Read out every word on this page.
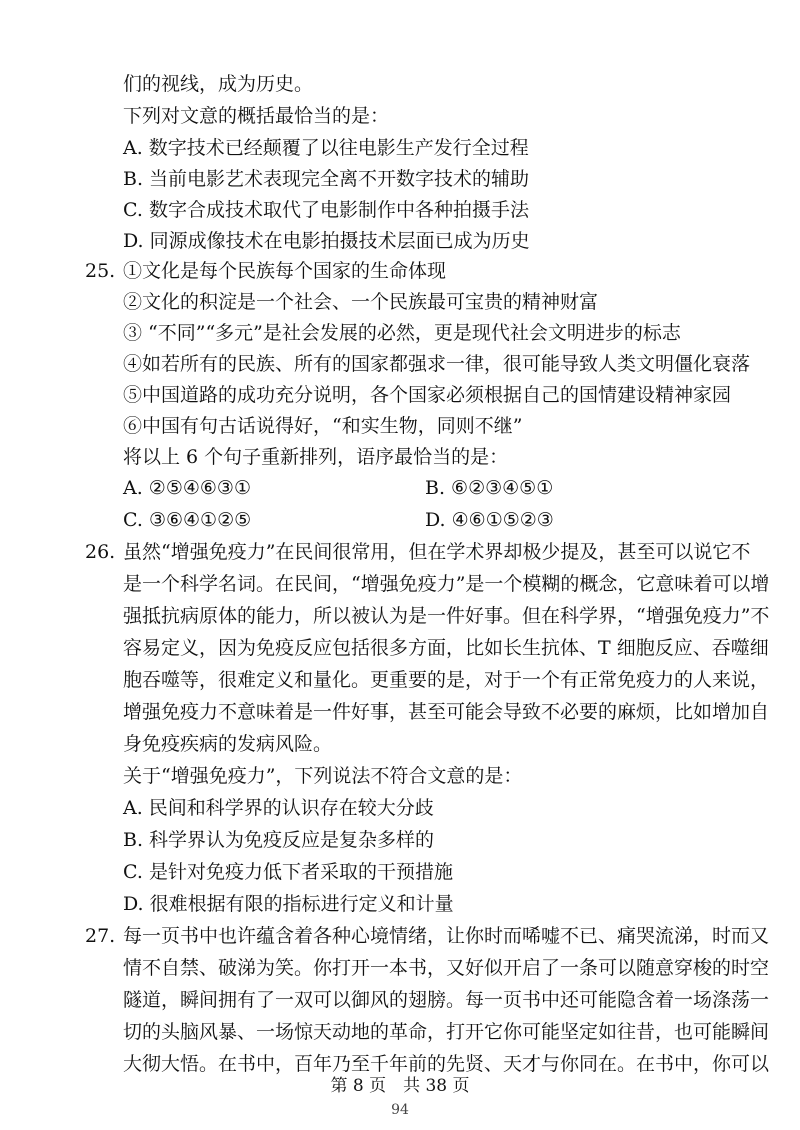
们的视线，成为历史。
下列对文意的概括最恰当的是：
A. 数字技术已经颠覆了以往电影生产发行全过程
B. 当前电影艺术表现完全离不开数字技术的辅助
C. 数字合成技术取代了电影制作中各种拍摄手法
D. 同源成像技术在电影拍摄技术层面已成为历史
25. ①文化是每个民族每个国家的生命体现
②文化的积淀是一个社会、一个民族最可宝贵的精神财富
③ “不同”“多元”是社会发展的必然，更是现代社会文明进步的标志
④如若所有的民族、所有的国家都强求一律，很可能导致人类文明僵化衰落
⑤中国道路的成功充分说明，各个国家必须根据自己的国情建设精神家园
⑥中国有句古话说得好，“和实生物，同则不继”
将以上 6 个句子重新排列，语序最恰当的是：
A. ②⑤④⑥③①	B. ⑥②③④⑤①
C. ③⑥④①②⑤	D. ④⑥①⑤②③
26. 虽然“增强免疫力”在民间很常用，但在学术界却极少提及，甚至可以说它不
是一个科学名词。在民间，“增强免疫力”是一个模糊的概念，它意味着可以增
强抵抗病原体的能力，所以被认为是一件好事。但在科学界，“增强免疫力”不
容易定义，因为免疫反应包括很多方面，比如长生抗体、T 细胞反应、吞噬细
胞吞噬等，很难定义和量化。更重要的是，对于一个有正常免疫力的人来说，
增强免疫力不意味着是一件好事，甚至可能会导致不必要的麻烦，比如增加自
身免疫疾病的发病风险。
关于“增强免疫力”，下列说法不符合文意的是：
A. 民间和科学界的认识存在较大分歧
B. 科学界认为免疫反应是复杂多样的
C. 是针对免疫力低下者采取的干预措施
D. 很难根据有限的指标进行定义和计量
27. 每一页书中也许蕴含着各种心境情绪，让你时而唏嘘不已、痛哭流涕，时而又
情不自禁、破涕为笑。你打开一本书，又好似开启了一条可以随意穿梭的时空
隧道，瞬间拥有了一双可以御风的翅膀。每一页书中还可能隐含着一场涤荡一
切的头脑风暴、一场惊天动地的革命，打开它你可能坚定如往昔，也可能瞬间
大彻大悟。在书中，百年乃至千年前的先贤、天才与你同在。在书中，你可以
第 8 页　共 38 页
94
